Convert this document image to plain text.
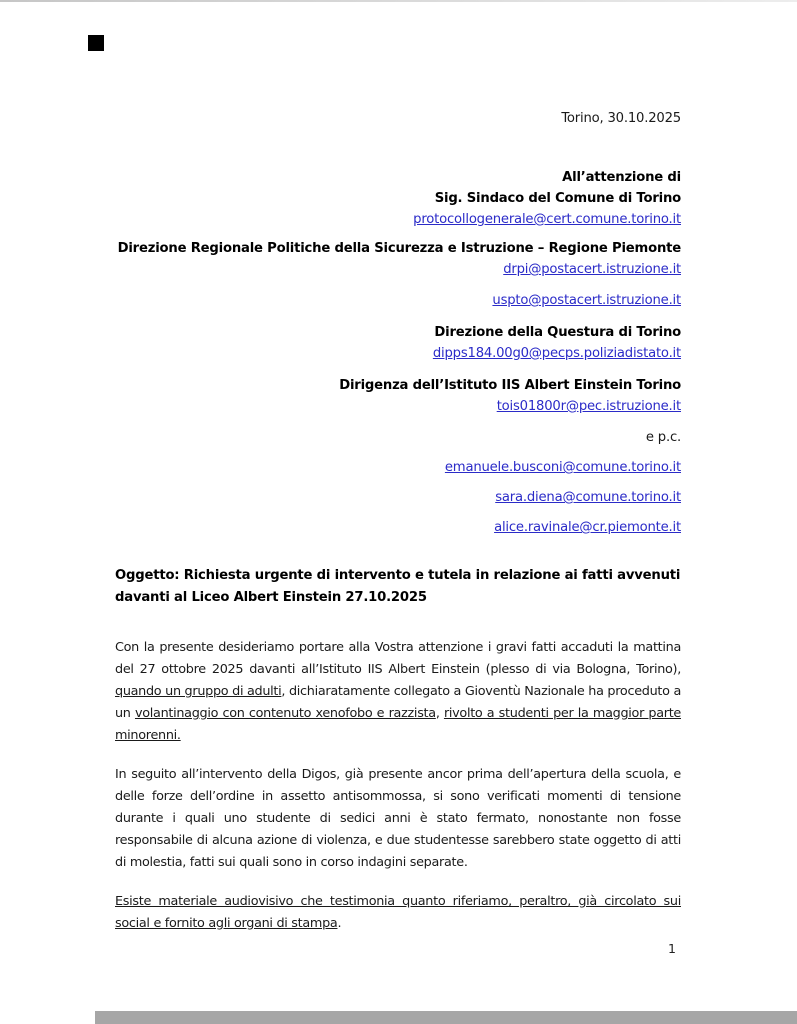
Torino, 30.10.2025
All’attenzione di
Sig. Sindaco del Comune di Torino
protocollogenerale@cert.comune.torino.it
Direzione Regionale Politiche della Sicurezza e Istruzione – Regione Piemonte
drpi@postacert.istruzione.it
uspto@postacert.istruzione.it
Direzione della Questura di Torino
dipps184.00g0@pecps.poliziadistato.it
Dirigenza dell’Istituto IIS Albert Einstein Torino
tois01800r@pec.istruzione.it
e p.c.
emanuele.busconi@comune.torino.it
sara.diena@comune.torino.it
alice.ravinale@cr.piemonte.it
Oggetto: Richiesta urgente di intervento e tutela in relazione ai fatti avvenuti davanti al Liceo Albert Einstein 27.10.2025
Con la presente desideriamo portare alla Vostra attenzione i gravi fatti accaduti la mattina del 27 ottobre 2025 davanti all’Istituto IIS Albert Einstein (plesso di via Bologna, Torino), quando un gruppo di adulti, dichiaratamente collegato a Gioventù Nazionale ha proceduto a un volantinaggio con contenuto xenofobo e razzista, rivolto a studenti per la maggior parte minorenni.
In seguito all’intervento della Digos, già presente ancor prima dell’apertura della scuola, e delle forze dell’ordine in assetto antisommossa, si sono verificati momenti di tensione durante i quali uno studente di sedici anni è stato fermato, nonostante non fosse responsabile di alcuna azione di violenza, e due studentesse sarebbero state oggetto di atti di molestia, fatti sui quali sono in corso indagini separate.
Esiste materiale audiovisivo che testimonia quanto riferiamo, peraltro, già circolato sui social e fornito agli organi di stampa.
1
